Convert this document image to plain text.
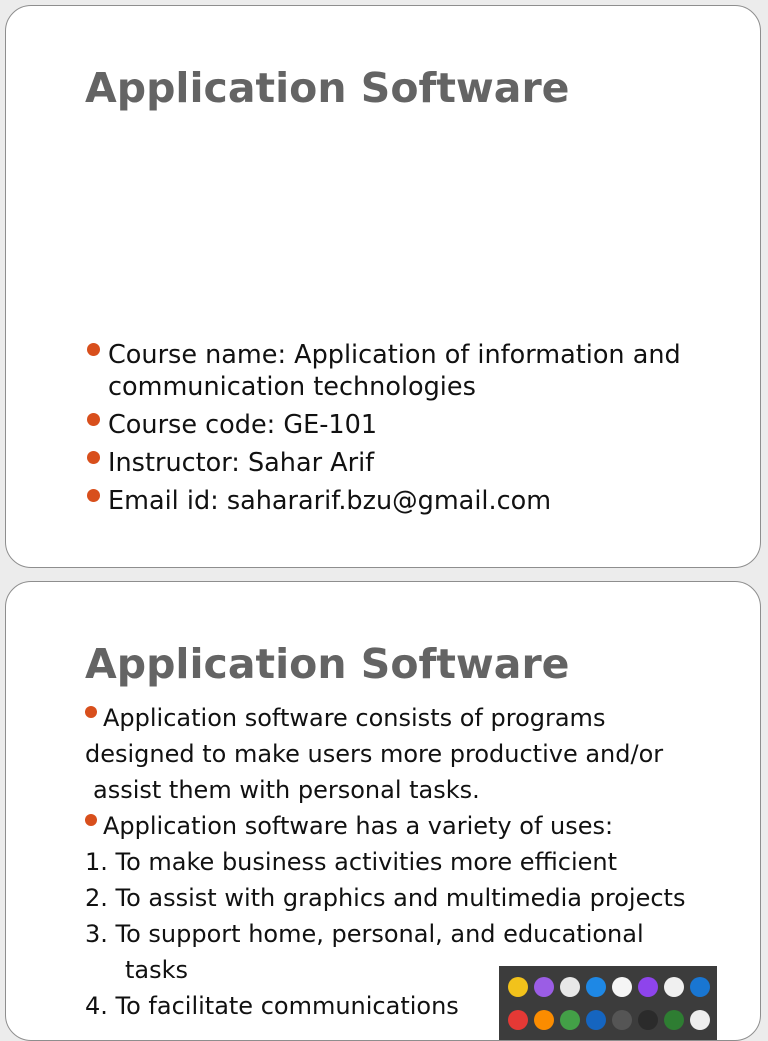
Application Software
Course name: Application of information and communication technologies
Course code: GE-101
Instructor: Sahar Arif
Email id: sahararif.bzu@gmail.com
Application Software
Application software consists of programs
designed to make users more productive and/or
assist them with personal tasks.
Application software has a variety of uses:
1. To make business activities more efficient
2. To assist with graphics and multimedia projects
3. To support home, personal, and educational
tasks
4. To facilitate communications
